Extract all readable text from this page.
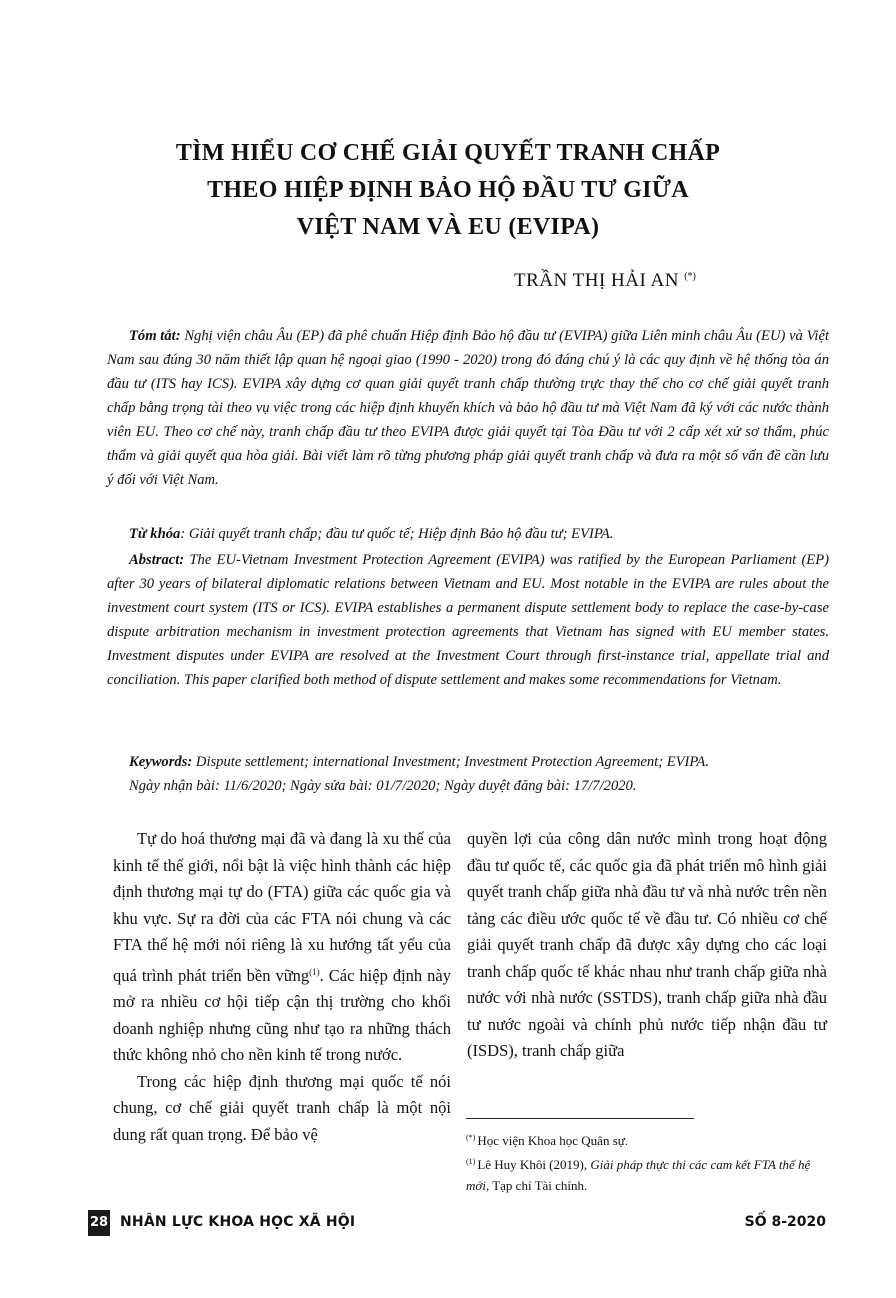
TÌM HIỂU CƠ CHẾ GIẢI QUYẾT TRANH CHẤP
THEO HIỆP ĐỊNH BẢO HỘ ĐẦU TƯ GIỮA
VIỆT NAM VÀ EU (EVIPA)
TRẦN THỊ HẢI AN (*)

Tóm tắt: Nghị viện châu Âu (EP) đã phê chuẩn Hiệp định Bảo hộ đầu tư (EVIPA) giữa Liên minh châu Âu (EU) và Việt Nam sau đúng 30 năm thiết lập quan hệ ngoại giao (1990 - 2020) trong đó đáng chú ý là các quy định về hệ thống tòa án đầu tư (ITS hay ICS). EVIPA xây dựng cơ quan giải quyết tranh chấp thường trực thay thế cho cơ chế giải quyết tranh chấp bằng trọng tài theo vụ việc trong các hiệp định khuyến khích và bảo hộ đầu tư mà Việt Nam đã ký với các nước thành viên EU. Theo cơ chế này, tranh chấp đầu tư theo EVIPA được giải quyết tại Tòa Đầu tư với 2 cấp xét xử sơ thẩm, phúc thẩm và giải quyết qua hòa giải. Bài viết làm rõ từng phương pháp giải quyết tranh chấp và đưa ra một số vấn đề cần lưu ý đối với Việt Nam.

Từ khóa: Giải quyết tranh chấp; đầu tư quốc tế; Hiệp định Bảo hộ đầu tư; EVIPA.

Abstract: The EU-Vietnam Investment Protection Agreement (EVIPA) was ratified by the European Parliament (EP) after 30 years of bilateral diplomatic relations between Vietnam and EU. Most notable in the EVIPA are rules about the investment court system (ITS or ICS). EVIPA establishes a permanent dispute settlement body to replace the case-by-case dispute arbitration mechanism in investment protection agreements that Vietnam has signed with EU member states. Investment disputes under EVIPA are resolved at the Investment Court through first-instance trial, appellate trial and conciliation. This paper clarified both method of dispute settlement and makes some recommendations for Vietnam.

Keywords: Dispute settlement; international Investment; Investment Protection Agreement; EVIPA.

Ngày nhận bài: 11/6/2020; Ngày sửa bài: 01/7/2020; Ngày duyệt đăng bài: 17/7/2020.

Tự do hoá thương mại đã và đang là xu thế của kinh tế thế giới, nổi bật là việc hình thành các hiệp định thương mại tự do (FTA) giữa các quốc gia và khu vực. Sự ra đời của các FTA nói chung và các FTA thế hệ mới nói riêng là xu hướng tất yếu của quá trình phát triển bền vững$^{(1)}$. Các hiệp định này mở ra nhiều cơ hội tiếp cận thị trường cho khối doanh nghiệp nhưng cũng như tạo ra những thách thức không nhỏ cho nền kinh tế trong nước.

Trong các hiệp định thương mại quốc tế nói chung, cơ chế giải quyết tranh chấp là một nội dung rất quan trọng. Để bảo vệ

quyền lợi của công dân nước mình trong hoạt động đầu tư quốc tế, các quốc gia đã phát triển mô hình giải quyết tranh chấp giữa nhà đầu tư và nhà nước trên nền tảng các điều ước quốc tế về đầu tư. Có nhiều cơ chế giải quyết tranh chấp đã được xây dựng cho các loại tranh chấp quốc tế khác nhau như tranh chấp giữa nhà nước với nhà nước (SSTDS), tranh chấp giữa nhà đầu tư nước ngoài và chính phủ nước tiếp nhận đầu tư (ISDS), tranh chấp giữa

(*) Học viện Khoa học Quân sự.
$^{(1)}$ Lê Huy Khôi (2019), Giải pháp thực thi các cam kết FTA thế hệ mới, Tạp chí Tài chính.
28 NHÂN LỰC KHOA HỌC XÃ HỘI	SỐ 8-2020
